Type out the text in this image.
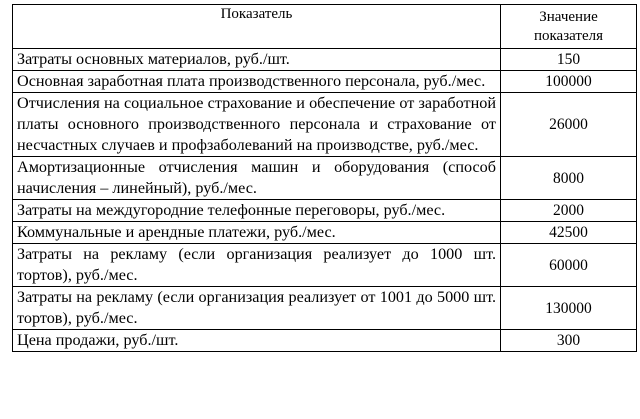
Показатель	Значение показателя
Затраты основных материалов, руб./шт.	150
Основная заработная плата производственного персонала, руб./мес.	100000
Отчисления на социальное страхование и обеспечение от заработной платы основного производственного персонала и страхование от несчастных случаев и профзаболеваний на производстве, руб./мес.	26000
Амортизационные отчисления машин и оборудования (способ начисления – линейный), руб./мес.	8000
Затраты на междугородние телефонные переговоры, руб./мес.	2000
Коммунальные и арендные платежи, руб./мес.	42500
Затраты на рекламу (если организация реализует до 1000 шт. тортов), руб./мес.	60000
Затраты на рекламу (если организация реализует от 1001 до 5000 шт. тортов), руб./мес.	130000
Цена продажи, руб./шт.	300
